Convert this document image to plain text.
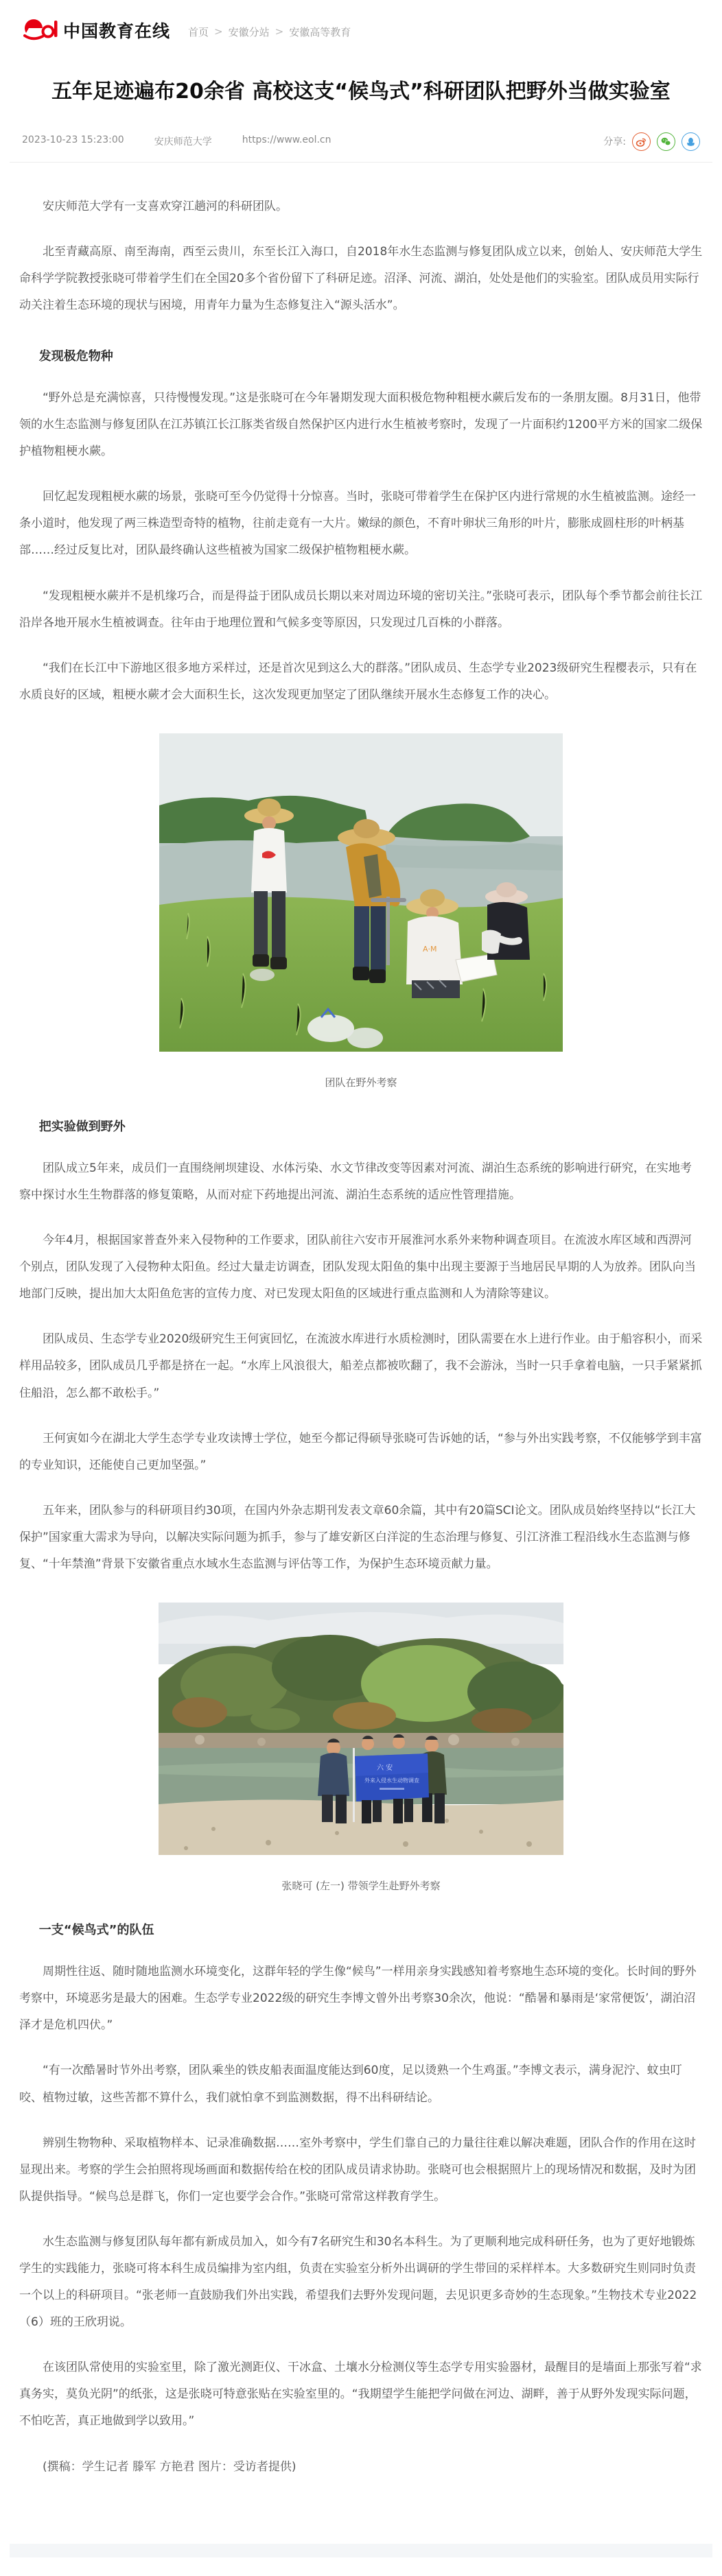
中国教育在线 首页 > 安徽分站 > 安徽高等教育
五年足迹遍布20余省 高校这支“候鸟式”科研团队把野外当做实验室
2023-10-23 15:23:00	安庆师范大学	https://www.eol.cn	分享:

安庆师范大学有一支喜欢穿江趟河的科研团队。

北至青藏高原、南至海南，西至云贵川，东至长江入海口，自2018年水生态监测与修复团队成立以来，创始人、安庆师范大学生命科学学院教授张晓可带着学生们在全国20多个省份留下了科研足迹。沼泽、河流、湖泊，处处是他们的实验室。团队成员用实际行动关注着生态环境的现状与困境，用青年力量为生态修复注入“源头活水”。

发现极危物种

“野外总是充满惊喜，只待慢慢发现。”这是张晓可在今年暑期发现大面积极危物种粗梗水蕨后发布的一条朋友圈。8月31日，他带领的水生态监测与修复团队在江苏镇江长江豚类省级自然保护区内进行水生植被考察时，发现了一片面积约1200平方米的国家二级保护植物粗梗水蕨。

回忆起发现粗梗水蕨的场景，张晓可至今仍觉得十分惊喜。当时，张晓可带着学生在保护区内进行常规的水生植被监测。途经一条小道时，他发现了两三株造型奇特的植物，往前走竟有一大片。嫩绿的颜色，不育叶卵状三角形的叶片，膨胀成圆柱形的叶柄基部……经过反复比对，团队最终确认这些植被为国家二级保护植物粗梗水蕨。

“发现粗梗水蕨并不是机缘巧合，而是得益于团队成员长期以来对周边环境的密切关注。”张晓可表示，团队每个季节都会前往长江沿岸各地开展水生植被调查。往年由于地理位置和气候多变等原因，只发现过几百株的小群落。

“我们在长江中下游地区很多地方采样过，还是首次见到这么大的群落。”团队成员、生态学专业2023级研究生程樱表示，只有在水质良好的区域，粗梗水蕨才会大面积生长，这次发现更加坚定了团队继续开展水生态修复工作的决心。

A·M
团队在野外考察
把实验做到野外

团队成立5年来，成员们一直围绕闸坝建设、水体污染、水文节律改变等因素对河流、湖泊生态系统的影响进行研究，在实地考察中探讨水生生物群落的修复策略，从而对症下药地提出河流、湖泊生态系统的适应性管理措施。

今年4月，根据国家普查外来入侵物种的工作要求，团队前往六安市开展淮河水系外来物种调查项目。在流波水库区域和西淠河个别点，团队发现了入侵物种太阳鱼。经过大量走访调查，团队发现太阳鱼的集中出现主要源于当地居民早期的人为放养。团队向当地部门反映，提出加大太阳鱼危害的宣传力度、对已发现太阳鱼的区域进行重点监测和人为清除等建议。

团队成员、生态学专业2020级研究生王何寅回忆，在流波水库进行水质检测时，团队需要在水上进行作业。由于船容积小，而采样用品较多，团队成员几乎都是挤在一起。“水库上风浪很大，船差点都被吹翻了，我不会游泳，当时一只手拿着电脑，一只手紧紧抓住船沿，怎么都不敢松手。”

王何寅如今在湖北大学生态学专业攻读博士学位，她至今都记得硕导张晓可告诉她的话，“参与外出实践考察，不仅能够学到丰富的专业知识，还能使自己更加坚强。”

五年来，团队参与的科研项目约30项，在国内外杂志期刊发表文章60余篇，其中有20篇SCI论文。团队成员始终坚持以“长江大保护”国家重大需求为导向，以解决实际问题为抓手，参与了雄安新区白洋淀的生态治理与修复、引江济淮工程沿线水生态监测与修复、“十年禁渔”背景下安徽省重点水域水生态监测与评估等工作，为保护生态环境贡献力量。

六 安
外来入侵水生动物调查
张晓可 (左一) 带领学生赴野外考察
一支“候鸟式”的队伍

周期性往返、随时随地监测水环境变化，这群年轻的学生像“候鸟”一样用亲身实践感知着考察地生态环境的变化。长时间的野外考察中，环境恶劣是最大的困难。生态学专业2022级的研究生李博文曾外出考察30余次，他说：“酷暑和暴雨是‘家常便饭’，湖泊沼泽才是危机四伏。”

“有一次酷暑时节外出考察，团队乘坐的铁皮船表面温度能达到60度，足以烫熟一个生鸡蛋。”李博文表示，满身泥泞、蚊虫叮咬、植物过敏，这些苦都不算什么，我们就怕拿不到监测数据，得不出科研结论。

辨别生物物种、采取植物样本、记录准确数据……室外考察中，学生们靠自己的力量往往难以解决难题，团队合作的作用在这时显现出来。考察的学生会拍照将现场画面和数据传给在校的团队成员请求协助。张晓可也会根据照片上的现场情况和数据，及时为团队提供指导。“候鸟总是群飞，你们一定也要学会合作。”张晓可常常这样教育学生。

水生态监测与修复团队每年都有新成员加入，如今有7名研究生和30名本科生。为了更顺利地完成科研任务，也为了更好地锻炼学生的实践能力，张晓可将本科生成员编排为室内组，负责在实验室分析外出调研的学生带回的采样样本。大多数研究生则同时负责一个以上的科研项目。“张老师一直鼓励我们外出实践，希望我们去野外发现问题，去见识更多奇妙的生态现象。”生物技术专业2022（6）班的王欣玥说。

在该团队常使用的实验室里，除了激光测距仪、干冰盒、土壤水分检测仪等生态学专用实验器材，最醒目的是墙面上那张写着“求真务实，莫负光阴”的纸张，这是张晓可特意张贴在实验室里的。“我期望学生能把学问做在河边、湖畔，善于从野外发现实际问题，不怕吃苦，真正地做到学以致用。”

(撰稿：学生记者 滕军 方艳君 图片：受访者提供)
